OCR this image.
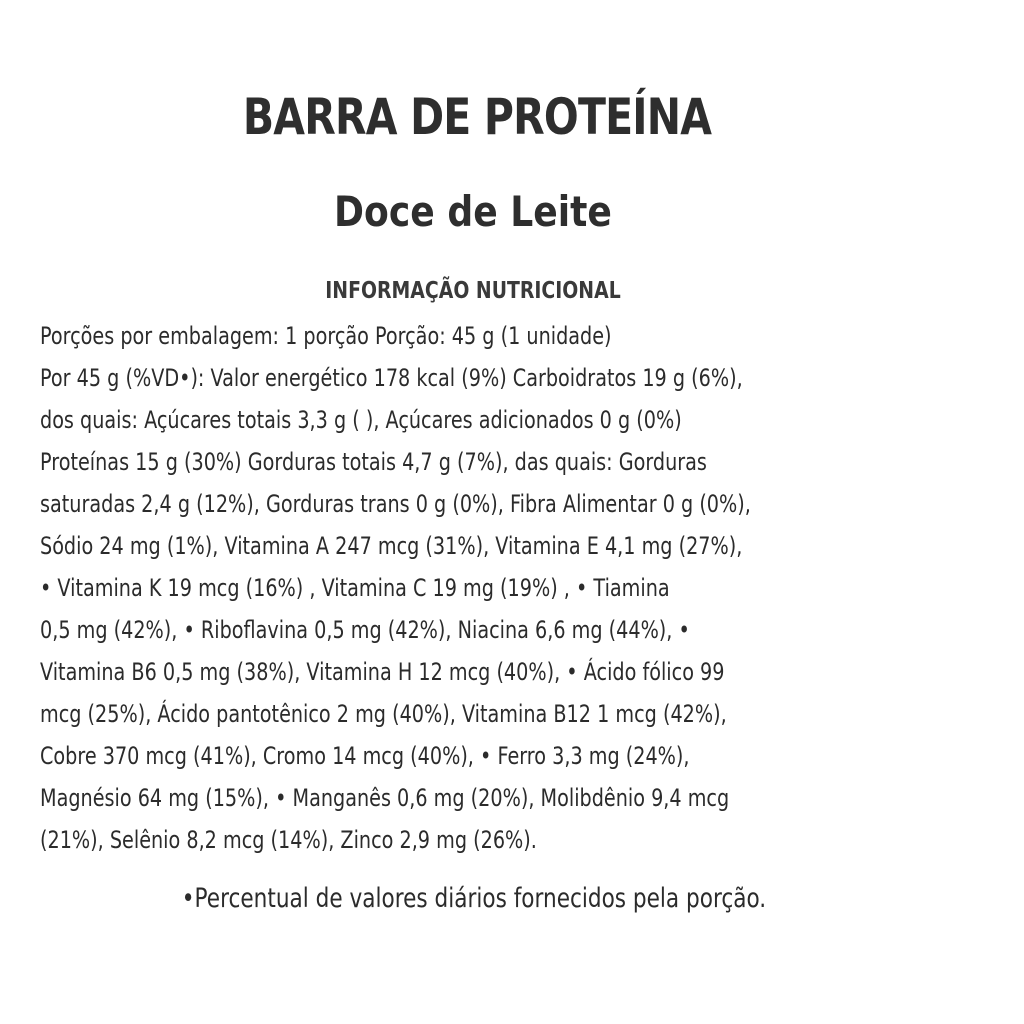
BARRA DE PROTEÍNA
Doce de Leite
INFORMAÇÃO NUTRICIONAL
Porções por embalagem: 1 porção Porção: 45 g (1 unidade)
Por 45 g (%VD•): Valor energético 178 kcal (9%) Carboidratos 19 g (6%),
dos quais: Açúcares totais 3,3 g ( ), Açúcares adicionados 0 g (0%)
Proteínas 15 g (30%) Gorduras totais 4,7 g (7%), das quais: Gorduras
saturadas 2,4 g (12%), Gorduras trans 0 g (0%), Fibra Alimentar 0 g (0%),
Sódio 24 mg (1%), Vitamina A 247 mcg (31%), Vitamina E 4,1 mg (27%),
• Vitamina K 19 mcg (16%) , Vitamina C 19 mg (19%) , • Tiamina
0,5 mg (42%), • Riboflavina 0,5 mg (42%), Niacina 6,6 mg (44%), •
Vitamina B6 0,5 mg (38%), Vitamina H 12 mcg (40%), • Ácido fólico 99
mcg (25%), Ácido pantotênico 2 mg (40%), Vitamina B12 1 mcg (42%),
Cobre 370 mcg (41%), Cromo 14 mcg (40%), • Ferro 3,3 mg (24%),
Magnésio 64 mg (15%), • Manganês 0,6 mg (20%), Molibdênio 9,4 mcg
(21%), Selênio 8,2 mcg (14%), Zinco 2,9 mg (26%).
•Percentual de valores diários fornecidos pela porção.
